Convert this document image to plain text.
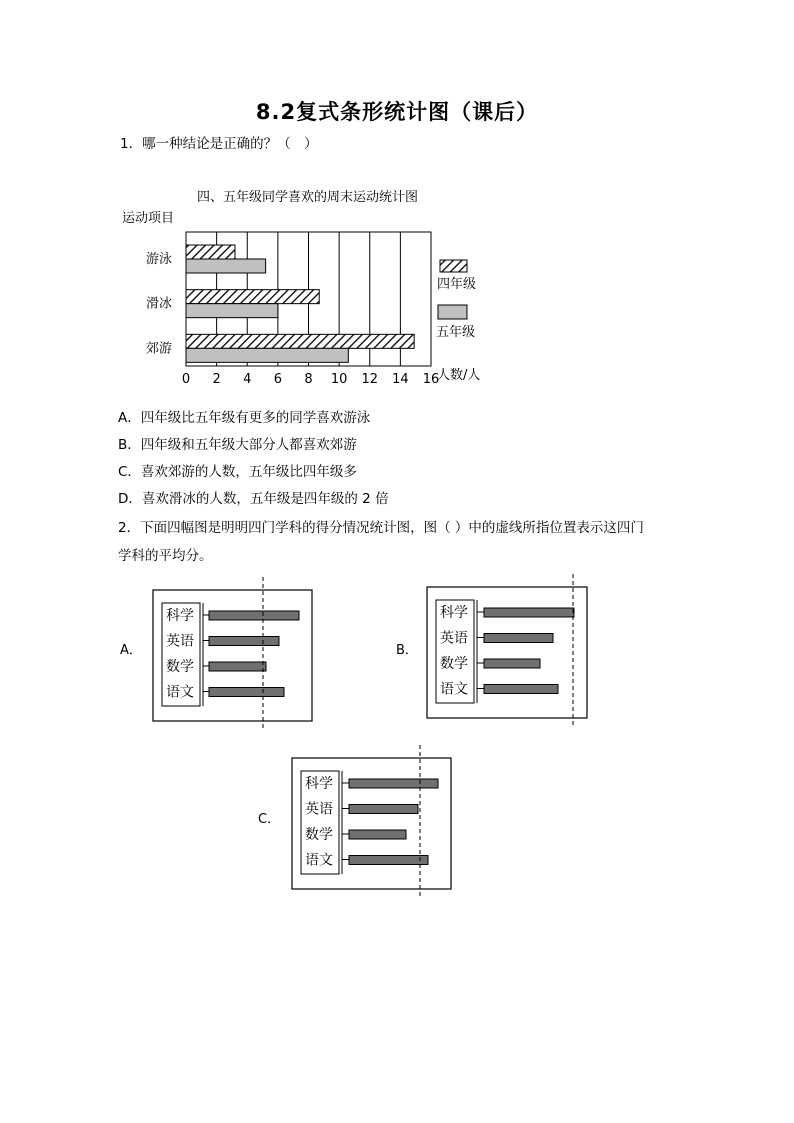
8.2复式条形统计图（课后）
1．哪一种结论是正确的？（　）
四、五年级同学喜欢的周末运动统计图
运动项目
0 2 4 6 8 10 12 14 16
游泳
滑冰
郊游
四年级
五年级
人数/人
A．四年级比五年级有更多的同学喜欢游泳
B．四年级和五年级大部分人都喜欢郊游
C．喜欢郊游的人数，五年级比四年级多
D．喜欢滑冰的人数，五年级是四年级的 2 倍
2．下面四幅图是明明四门学科的得分情况统计图，图（ ）中的虚线所指位置表示这四门
学科的平均分。
A．
科学
英语
数学
语文
B．
科学
英语
数学
语文
C．
科学
英语
数学
语文
